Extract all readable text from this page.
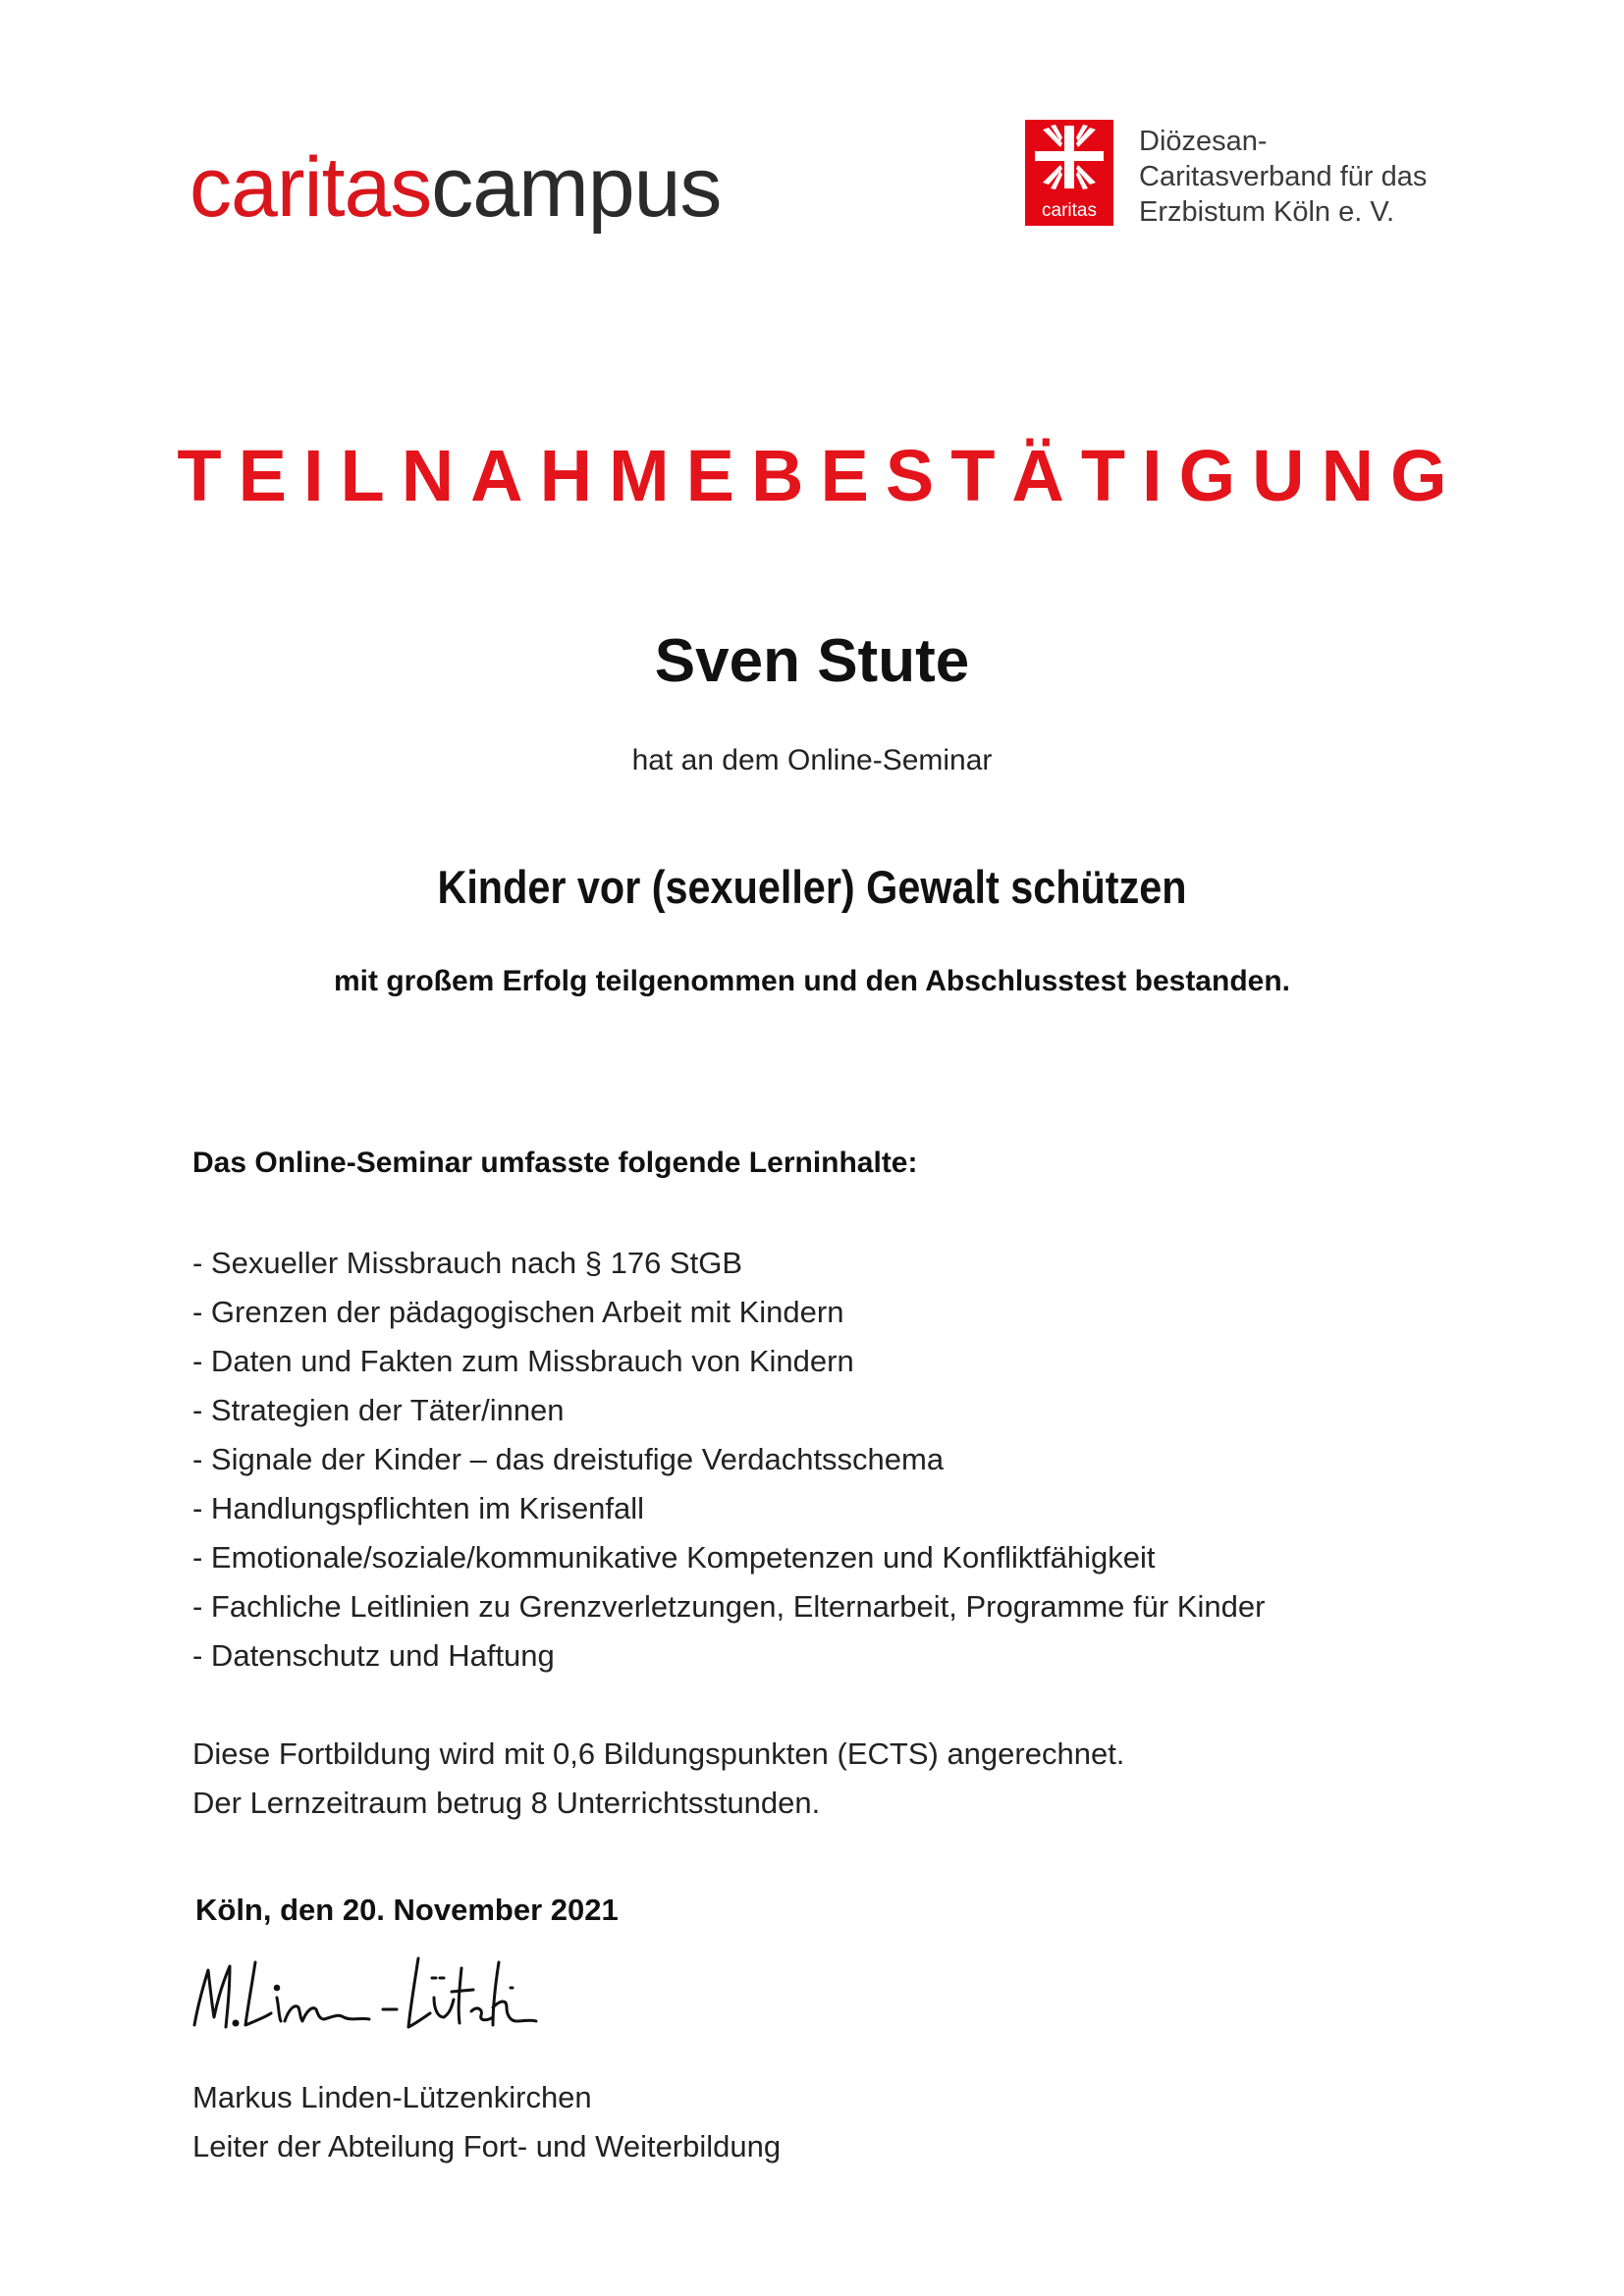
caritascampus	caritas
Diözesan-
Caritasverband für das
Erzbistum Köln e. V.
TEILNAHMEBESTÄTIGUNG
Sven Stute
hat an dem Online-Seminar
Kinder vor (sexueller) Gewalt schützen
mit großem Erfolg teilgenommen und den Abschlusstest bestanden.
Das Online-Seminar umfasste folgende Lerninhalte:
- Sexueller Missbrauch nach § 176 StGB
- Grenzen der pädagogischen Arbeit mit Kindern
- Daten und Fakten zum Missbrauch von Kindern
- Strategien der Täter/innen
- Signale der Kinder – das dreistufige Verdachtsschema
- Handlungspflichten im Krisenfall
- Emotionale/soziale/kommunikative Kompetenzen und Konfliktfähigkeit
- Fachliche Leitlinien zu Grenzverletzungen, Elternarbeit, Programme für Kinder
- Datenschutz und Haftung
Diese Fortbildung wird mit 0,6 Bildungspunkten (ECTS) angerechnet.
Der Lernzeitraum betrug 8 Unterrichtsstunden.
Köln, den 20. November 2021
Markus Linden-Lützenkirchen
Leiter der Abteilung Fort- und Weiterbildung
